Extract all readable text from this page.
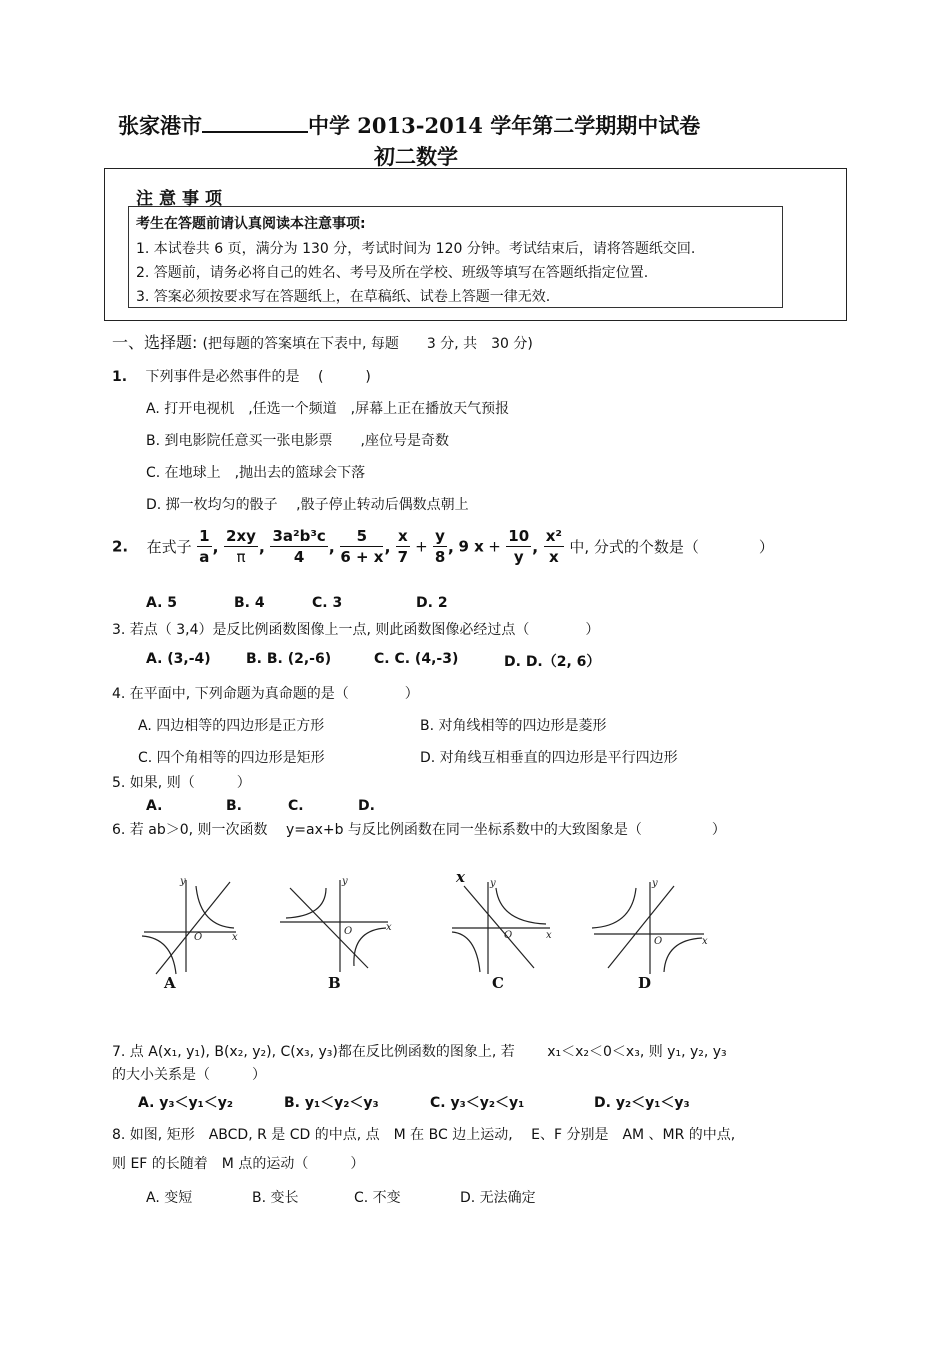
张家港市	中学 2013-2014 学年第二学期期中试卷
初二数学
注意事项
考生在答题前请认真阅读本注意事项:
1. 本试卷共 6 页，满分为 130 分，考试时间为 120 分钟。考试结束后，请将答题纸交回.
2. 答题前，请务必将自己的姓名、考号及所在学校、班级等填写在答题纸指定位置.
3. 答案必须按要求写在答题纸上，在草稿纸、试卷上答题一律无效.
一、选择题: (把每题的答案填在下表中, 每题　　3 分, 共　30 分)
1. 下列事件是必然事件的是　 (　　　)
A. 打开电视机　,任选一个频道　,屏幕上正在播放天气预报
B. 到电影院任意买一张电影票　　,座位号是奇数
C. 在地球上　,抛出去的篮球会下落
D. 掷一枚均匀的骰子　 ,骰子停止转动后偶数点朝上
2. 在式子 $\frac{1}{a}$ , $\frac{2xy}{\pi}$ , $\frac{\text{3a²b³c}}{4}$ , $\frac{5}{6 + x}$ , $\frac{x}{7} + \frac{y}{8}$ , 9 $x + \frac{10}{y}$ , $\frac{\text{x²}}{x}$ 中, 分式的个数是（　　　　）
A. 5	B. 4	C. 3	D. 2
3. 若点（ 3,4）是反比例函数图像上一点, 则此函数图像必经过点（　　　　）
A. (3,-4)	B. B. (2,-6)	C. C. (4,-3)	D. D.（2, 6）
4. 在平面中, 下列命题为真命题的是（　　　　）
A. 四边相等的四边形是正方形	B. 对角线相等的四边形是菱形
C. 四个角相等的四边形是矩形	D. 对角线互相垂直的四边形是平行四边形
5. 如果, 则（　　　）
A.	B.	C.	D.
6. 若 ab＞0, 则一次函数　 y=ax+b 与反比例函数在同一坐标系数中的大致图象是（　　　　　）
x
y
x
O
A
y
x
O
B
y
x
O
C
y
x
O
D
7. 点 A(x₁, y₁), B(x₂, y₂), C(x₃, y₃)都在反比例函数的图象上, 若　　 x₁＜x₂＜0＜x₃, 则 y₁, y₂, y₃
的大小关系是（　　　）
A. y₃＜y₁＜y₂	B. y₁＜y₂＜y₃	C. y₃＜y₂＜y₁	D. y₂＜y₁＜y₃
8. 如图, 矩形　ABCD, R 是 CD 的中点, 点　M 在 BC 边上运动,　 E、F 分别是　AM 、MR 的中点,
则 EF 的长随着　M 点的运动（　　　）
A. 变短	B. 变长	C. 不变	D. 无法确定
